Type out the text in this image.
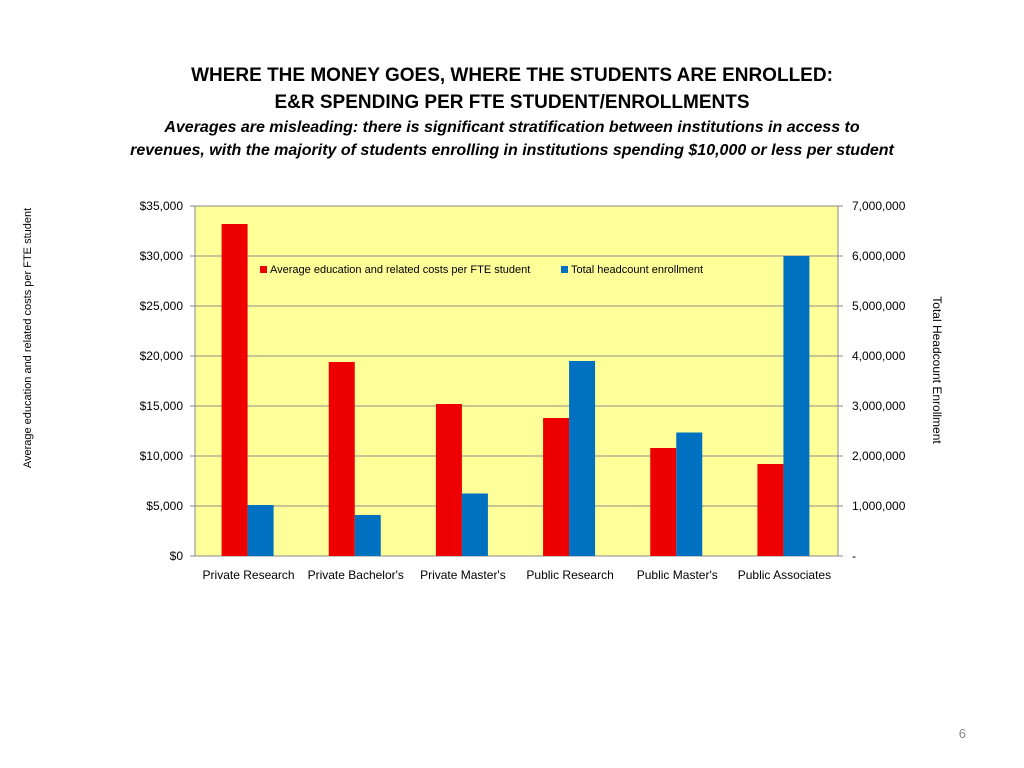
WHERE THE MONEY GOES, WHERE THE STUDENTS ARE ENROLLED:
E&R SPENDING PER FTE STUDENT/ENROLLMENTS
Averages are misleading: there is significant stratification between institutions in access to
revenues, with the majority of students enrolling in institutions spending $10,000 or less per student
$0	-
$5,000	1,000,000
$10,000	2,000,000
$15,000	3,000,000
$20,000	4,000,000
$25,000	5,000,000
$30,000	6,000,000
$35,000	7,000,000
Private Research Private Bachelor's Private Master's Public Research Public Master's Public Associates
Average education and related costs per FTE student	Total Headcount Enrollment
Average education and related costs per FTE student	Total headcount enrollment
6
